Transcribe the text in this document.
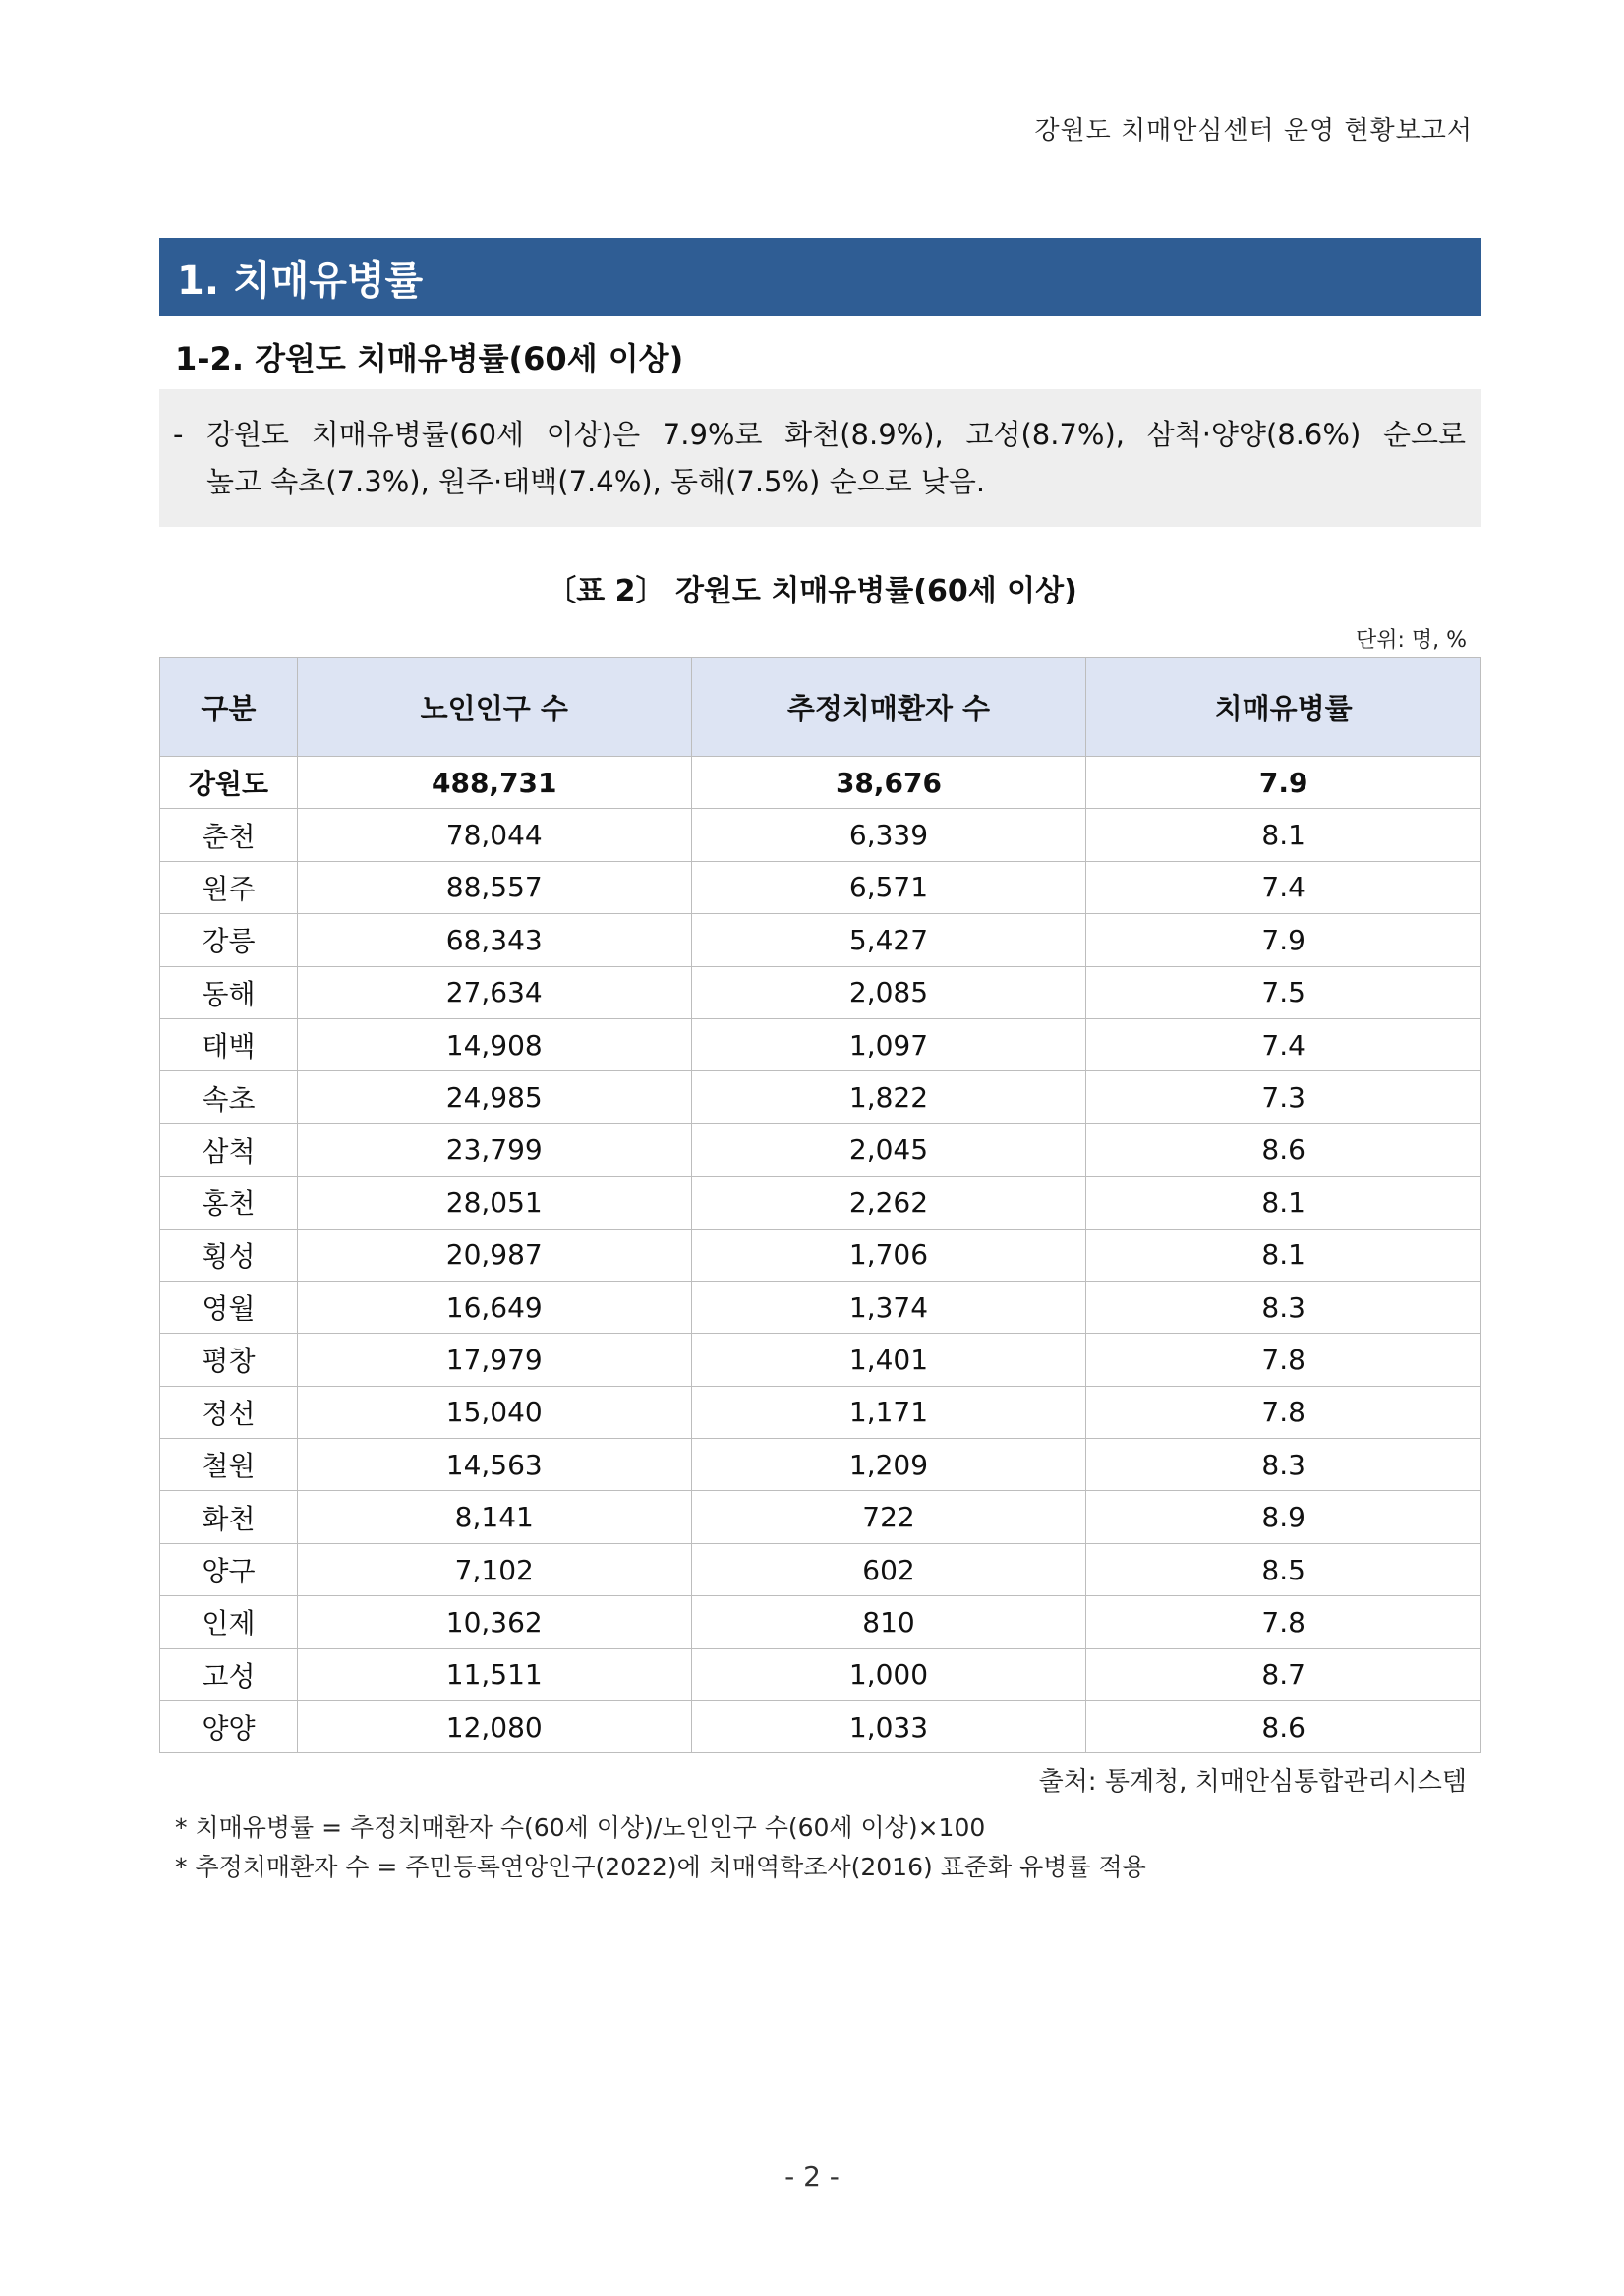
강원도 치매안심센터 운영 현황보고서
1. 치매유병률
1-2. 강원도 치매유병률(60세 이상)
- 강원도 치매유병률(60세 이상)은 7.9%로 화천(8.9%), 고성(8.7%), 삼척·양양(8.6%) 순으로
높고 속초(7.3%), 원주·태백(7.4%), 동해(7.5%) 순으로 낮음.
〔표 2〕 강원도 치매유병률(60세 이상)
단위: 명, %
구분	노인인구 수	추정치매환자 수	치매유병률
강원도	488,731	38,676	7.9
춘천	78,044	6,339	8.1
원주	88,557	6,571	7.4
강릉	68,343	5,427	7.9
동해	27,634	2,085	7.5
태백	14,908	1,097	7.4
속초	24,985	1,822	7.3
삼척	23,799	2,045	8.6
홍천	28,051	2,262	8.1
횡성	20,987	1,706	8.1
영월	16,649	1,374	8.3
평창	17,979	1,401	7.8
정선	15,040	1,171	7.8
철원	14,563	1,209	8.3
화천	8,141	722	8.9
양구	7,102	602	8.5
인제	10,362	810	7.8
고성	11,511	1,000	8.7
양양	12,080	1,033	8.6
출처: 통계청, 치매안심통합관리시스템
* 치매유병률 = 추정치매환자 수(60세 이상)/노인인구 수(60세 이상)×100
* 추정치매환자 수 = 주민등록연앙인구(2022)에 치매역학조사(2016) 표준화 유병률 적용
- 2 -
